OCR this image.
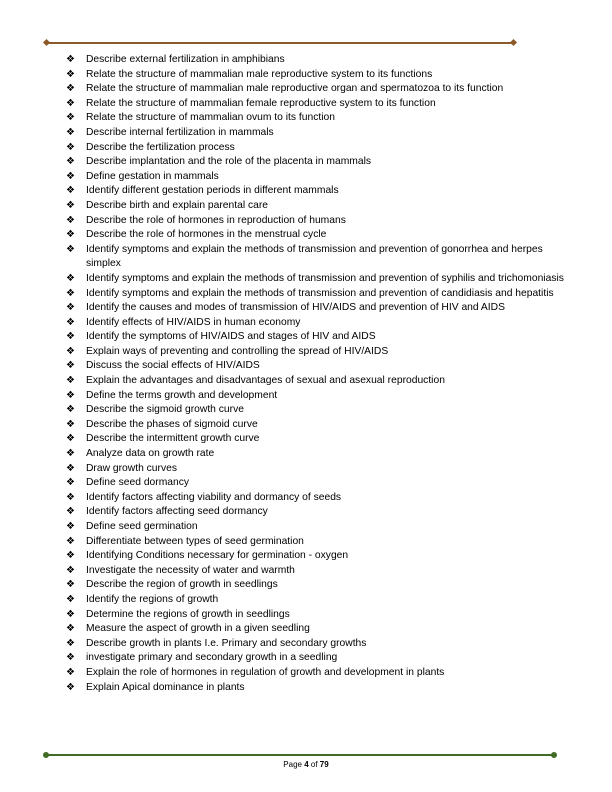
❖ Describe external fertilization in amphibians
❖ Relate the structure of mammalian male reproductive system to its functions
❖ Relate the structure of mammalian male reproductive organ and spermatozoa to its function
❖ Relate the structure of mammalian female reproductive system to its function
❖ Relate the structure of mammalian ovum to its function
❖ Describe internal fertilization in mammals
❖ Describe the fertilization process
❖ Describe implantation and the role of the placenta in mammals
❖ Define gestation in mammals
❖ Identify different gestation periods in different mammals
❖ Describe birth and explain parental care
❖ Describe the role of hormones in reproduction of humans
❖ Describe the role of hormones in the menstrual cycle
❖ Identify symptoms and explain the methods of transmission and prevention of gonorrhea and herpes simplex
❖ Identify symptoms and explain the methods of transmission and prevention of syphilis and trichomoniasis
❖ Identify symptoms and explain the methods of transmission and prevention of candidiasis and hepatitis
❖ Identify the causes and modes of transmission of HIV/AIDS and prevention of HIV and AIDS
❖ Identify effects of HIV/AIDS in human economy
❖ Identify the symptoms of HIV/AIDS and stages of HIV and AIDS
❖ Explain ways of preventing and controlling the spread of HIV/AIDS
❖ Discuss the social effects of HIV/AIDS
❖ Explain the advantages and disadvantages of sexual and asexual reproduction
❖ Define the terms growth and development
❖ Describe the sigmoid growth curve
❖ Describe the phases of sigmoid curve
❖ Describe the intermittent growth curve
❖ Analyze data on growth rate
❖ Draw growth curves
❖ Define seed dormancy
❖ Identify factors affecting viability and dormancy of seeds
❖ Identify factors affecting seed dormancy
❖ Define seed germination
❖ Differentiate between types of seed germination
❖ Identifying Conditions necessary for germination - oxygen
❖ Investigate the necessity of water and warmth
❖ Describe the region of growth in seedlings
❖ Identify the regions of growth
❖ Determine the regions of growth in seedlings
❖ Measure the aspect of growth in a given seedling
❖ Describe growth in plants I.e. Primary and secondary growths
❖ investigate primary and secondary growth in a seedling
❖ Explain the role of hormones in regulation of growth and development in plants
❖ Explain Apical dominance in plants
Page 4 of 79
